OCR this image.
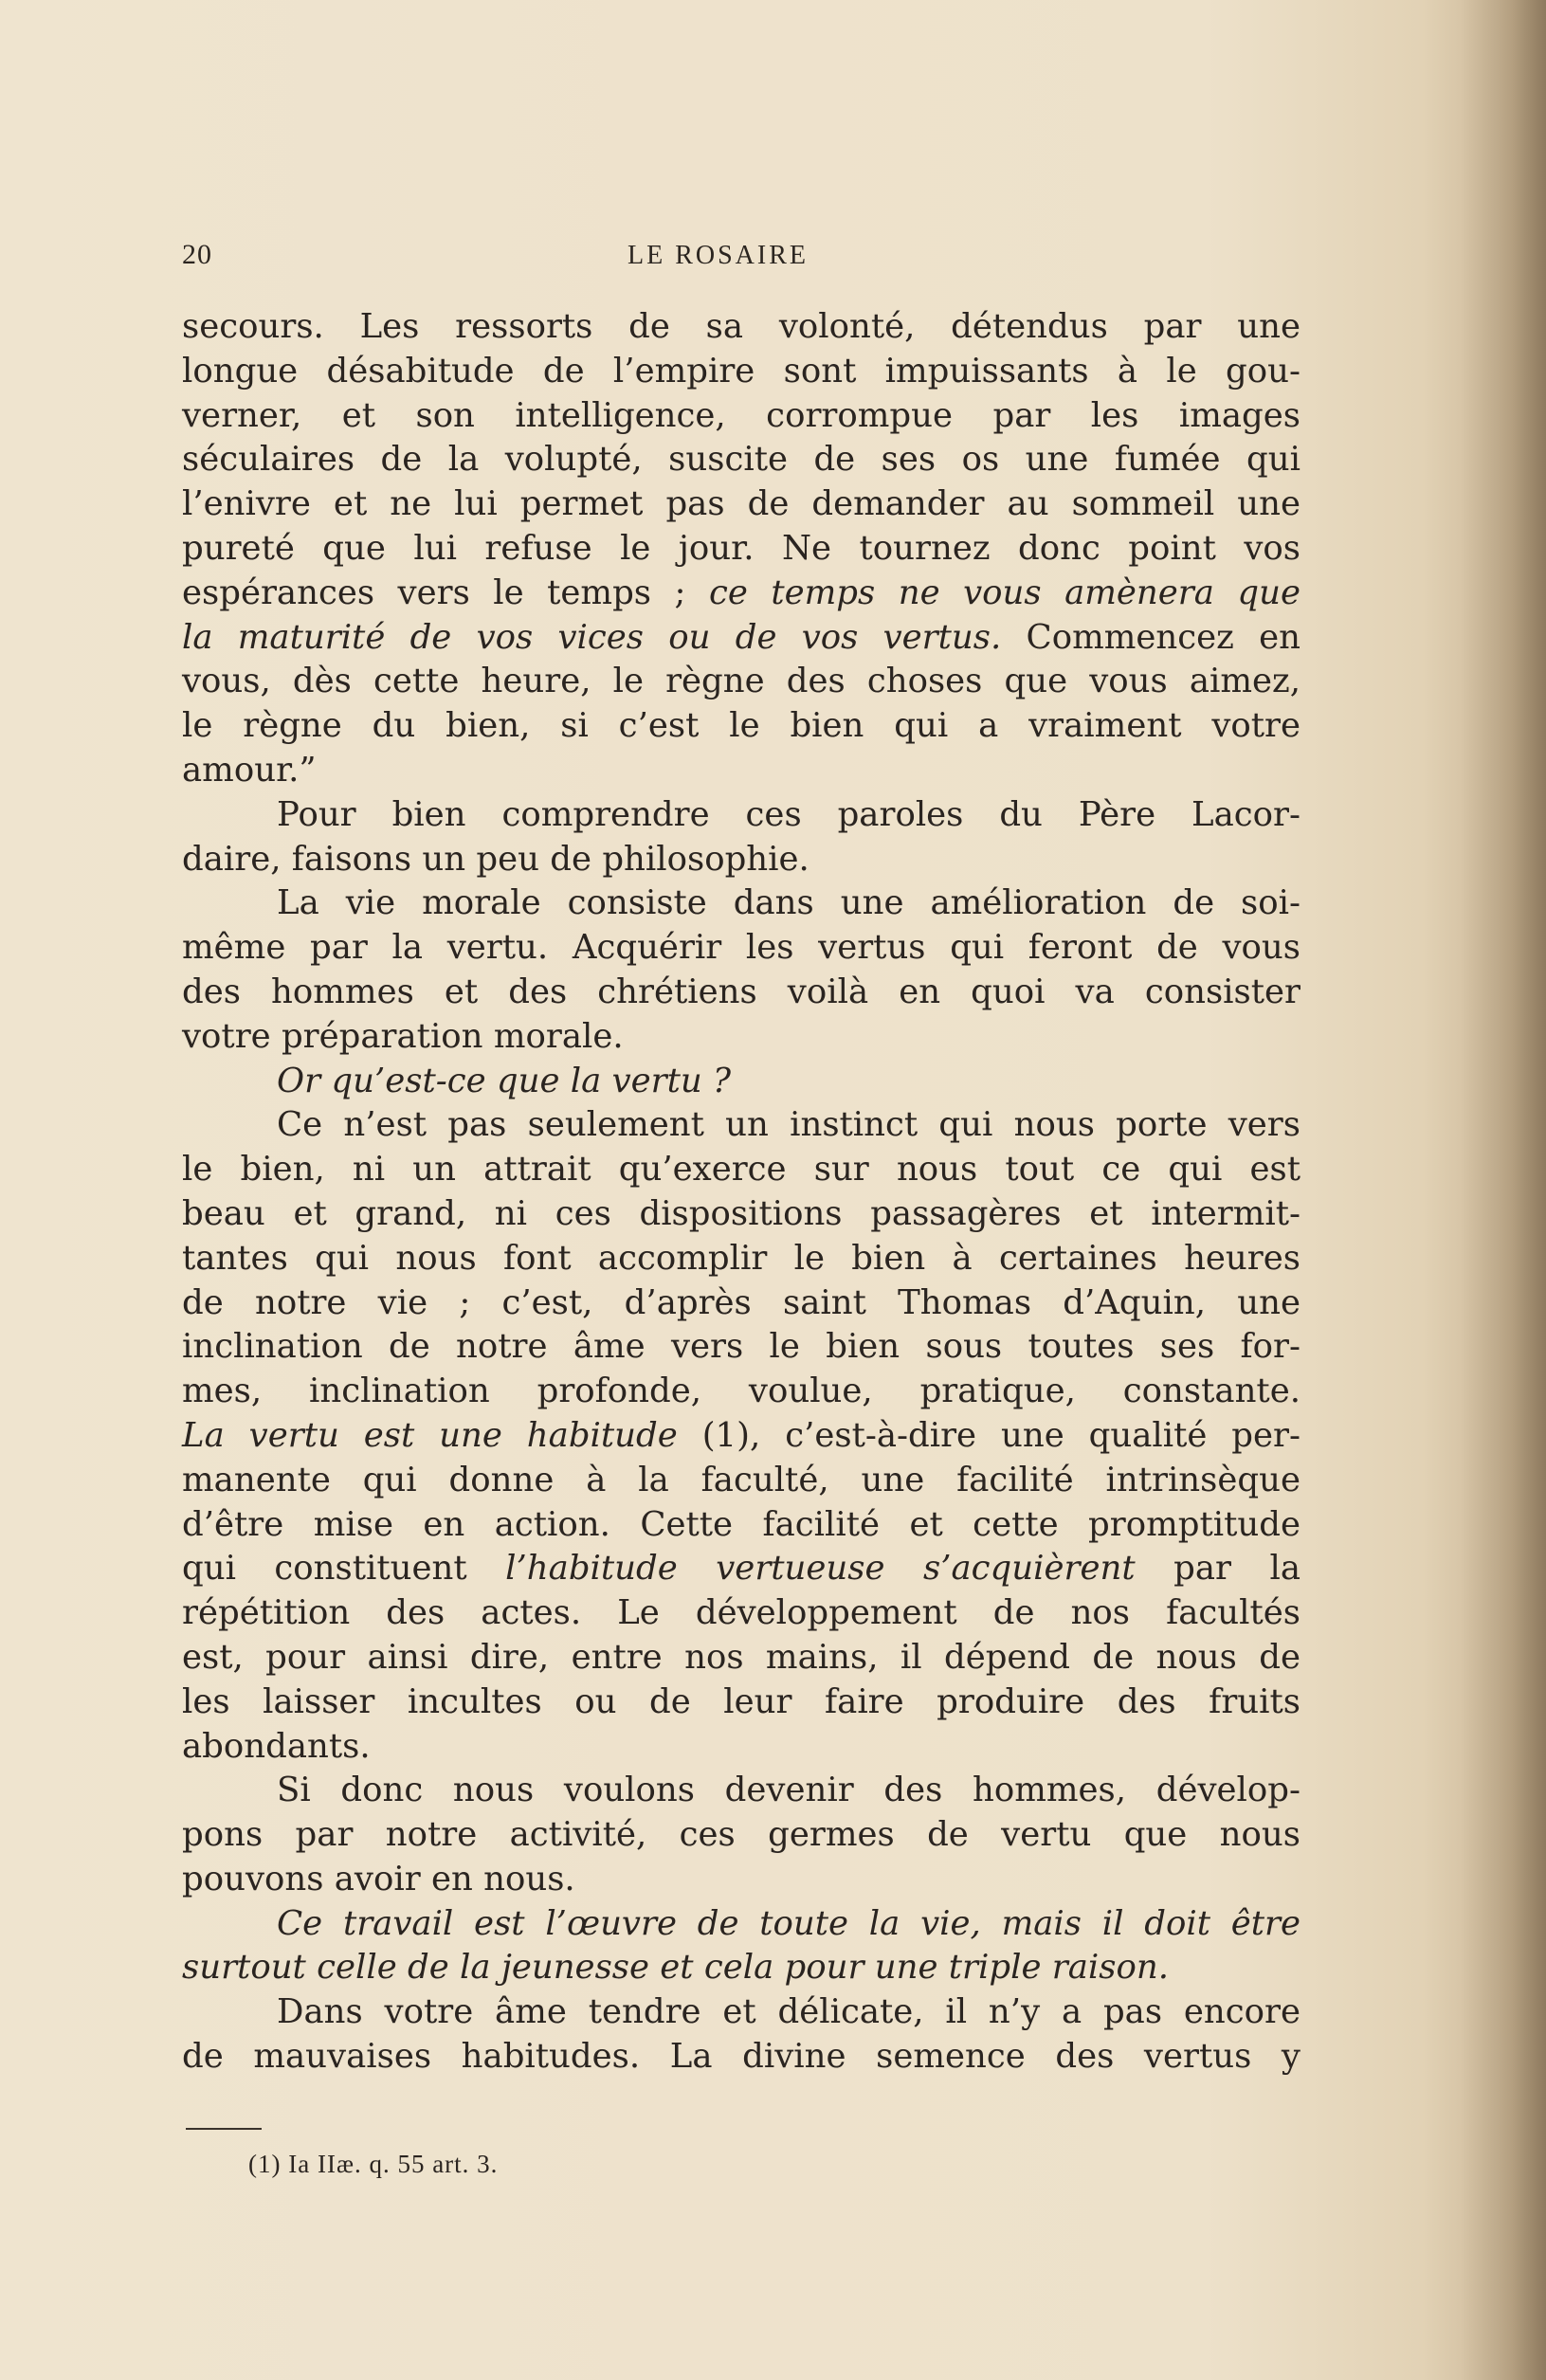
20	LE ROSAIRE
secours. Les ressorts de sa volonté, détendus par une
longue désabitude de l’empire sont impuissants à le gou-
verner, et son intelligence, corrompue par les images
séculaires de la volupté, suscite de ses os une fumée qui
l’enivre et ne lui permet pas de demander au sommeil une
pureté que lui refuse le jour. Ne tournez donc point vos
espérances vers le temps ; ce temps ne vous amènera que
la maturité de vos vices ou de vos vertus. Commencez en
vous, dès cette heure, le règne des choses que vous aimez,
le règne du bien, si c’est le bien qui a vraiment votre
amour.”
Pour bien comprendre ces paroles du Père Lacor-
daire, faisons un peu de philosophie.
La vie morale consiste dans une amélioration de soi-
même par la vertu. Acquérir les vertus qui feront de vous
des hommes et des chrétiens voilà en quoi va consister
votre préparation morale.
Or qu’est-ce que la vertu ?
Ce n’est pas seulement un instinct qui nous porte vers
le bien, ni un attrait qu’exerce sur nous tout ce qui est
beau et grand, ni ces dispositions passagères et intermit-
tantes qui nous font accomplir le bien à certaines heures
de notre vie ; c’est, d’après saint Thomas d’Aquin, une
inclination de notre âme vers le bien sous toutes ses for-
mes, inclination profonde, voulue, pratique, constante.
La vertu est une habitude (1), c’est-à-dire une qualité per-
manente qui donne à la faculté, une facilité intrinsèque
d’être mise en action. Cette facilité et cette promptitude
qui constituent l’habitude vertueuse s’acquièrent par la
répétition des actes. Le développement de nos facultés
est, pour ainsi dire, entre nos mains, il dépend de nous de
les laisser incultes ou de leur faire produire des fruits
abondants.
Si donc nous voulons devenir des hommes, dévelop-
pons par notre activité, ces germes de vertu que nous
pouvons avoir en nous.
Ce travail est l’œuvre de toute la vie, mais il doit être
surtout celle de la jeunesse et cela pour une triple raison.
Dans votre âme tendre et délicate, il n’y a pas encore
de mauvaises habitudes. La divine semence des vertus y
(1) Ia IIæ. q. 55 art. 3.
